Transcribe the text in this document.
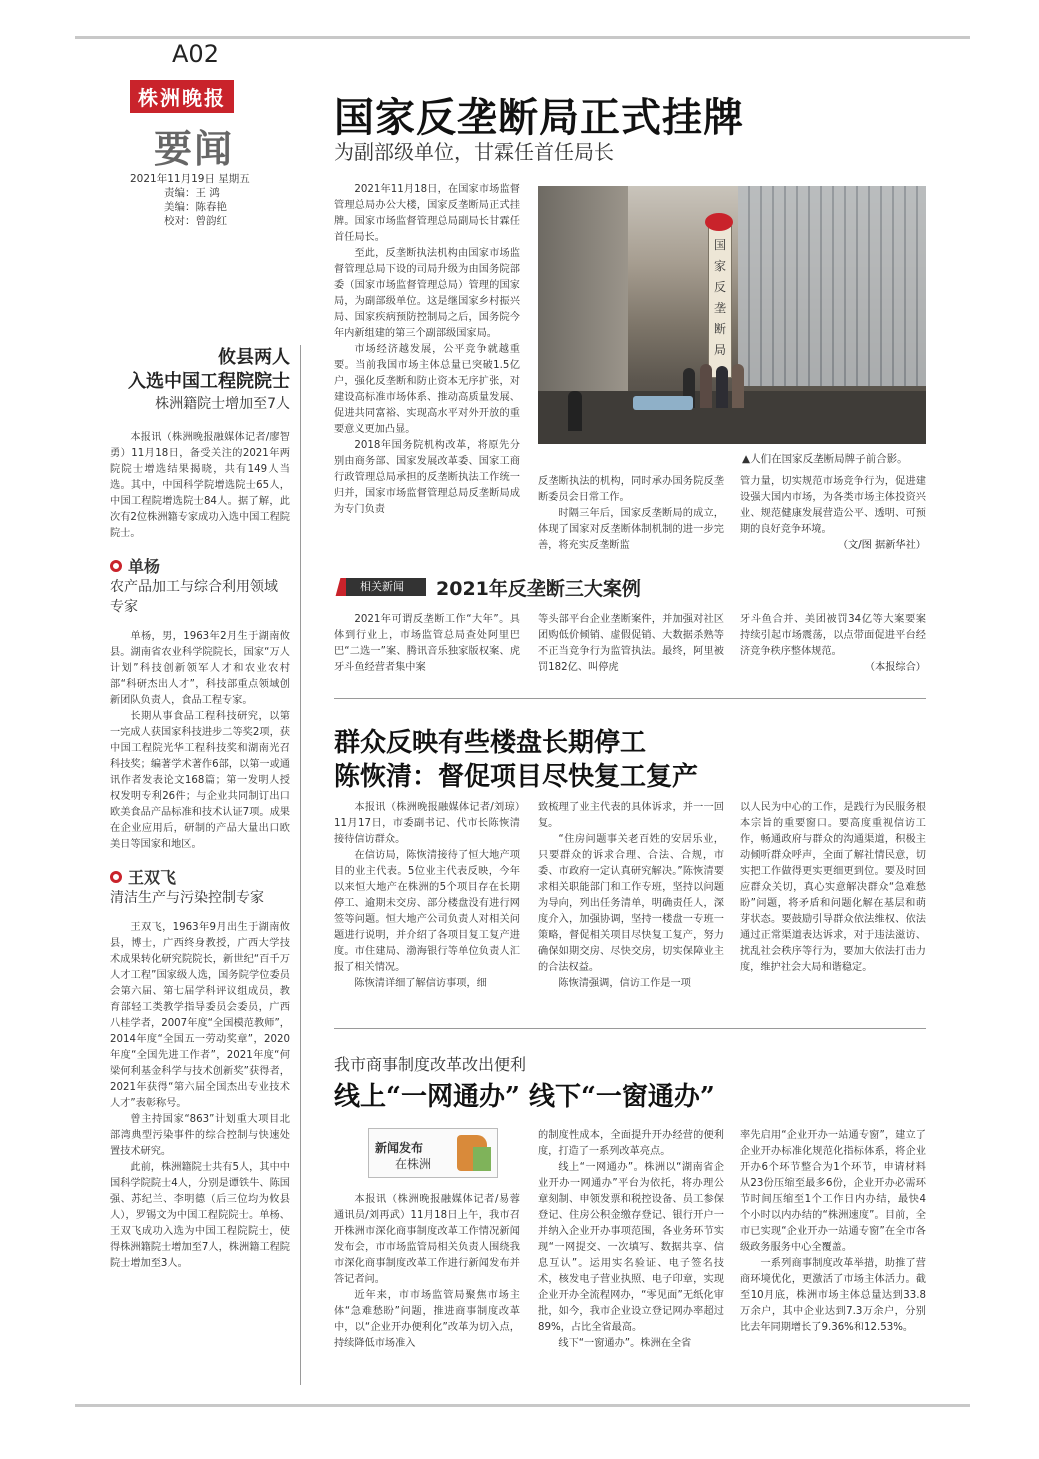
A02
株洲晚报
要闻
2021年11月19日 星期五
责编：王 鸿
美编：陈春艳
校对：曾韵红
国家反垄断局正式挂牌
为副部级单位，甘霖任首任局长

2021年11月18日，在国家市场监督管理总局办公大楼，国家反垄断局正式挂牌。国家市场监督管理总局副局长甘霖任首任局长。

至此，反垄断执法机构由国家市场监督管理总局下设的司局升级为由国务院部委（国家市场监督管理总局）管理的国家局，为副部级单位。这是继国家乡村振兴局、国家疾病预防控制局之后，国务院今年内新组建的第三个副部级国家局。

市场经济越发展，公平竞争就越重要。当前我国市场主体总量已突破1.5亿户，强化反垄断和防止资本无序扩张，对建设高标准市场体系、推动高质量发展、促进共同富裕、实现高水平对外开放的重要意义更加凸显。

2018年国务院机构改革，将原先分别由商务部、国家发展改革委、国家工商行政管理总局承担的反垄断执法工作统一归并，国家市场监督管理总局反垄断局成为专门负责

国家反垄断局
▲人们在国家反垄断局牌子前合影。

反垄断执法的机构，同时承办国务院反垄断委员会日常工作。

时隔三年后，国家反垄断局的成立，体现了国家对反垄断体制机制的进一步完善，将充实反垄断监

管力量，切实规范市场竞争行为，促进建设强大国内市场，为各类市场主体投资兴业、规范健康发展营造公平、透明、可预期的良好竞争环境。

（文/图 据新华社）
相关新闻	2021年反垄断三大案例

2021年可谓反垄断工作“大年”。具体到行业上，市场监管总局查处阿里巴巴“二选一”案、腾讯音乐独家版权案、虎牙斗鱼经营者集中案

等头部平台企业垄断案件，并加强对社区团购低价倾销、虚假促销、大数据杀熟等不正当竞争行为监管执法。最终，阿里被罚182亿、叫停虎

牙斗鱼合并、美团被罚34亿等大案要案持续引起市场震荡，以点带面促进平台经济竞争秩序整体规范。

（本报综合）
群众反映有些楼盘长期停工
陈恢清：督促项目尽快复工复产

本报讯（株洲晚报融媒体记者/刘琼）11月17日，市委副书记、代市长陈恢清接待信访群众。

在信访局，陈恢清接待了恒大地产项目的业主代表。5位业主代表反映，今年以来恒大地产在株洲的5个项目存在长期停工、逾期未交房、部分楼盘没有进行网签等问题。恒大地产公司负责人对相关问题进行说明，并介绍了各项目复工复产进度。市住建局、渤海银行等单位负责人汇报了相关情况。

陈恢清详细了解信访事项，细

致梳理了业主代表的具体诉求，并一一回复。

“住房问题事关老百姓的安居乐业，只要群众的诉求合理、合法、合规，市委、市政府一定认真研究解决。”陈恢清要求相关职能部门和工作专班，坚持以问题为导向，列出任务清单，明确责任人，深度介入，加强协调，坚持一楼盘一专班一策略，督促相关项目尽快复工复产，努力确保如期交房、尽快交房，切实保障业主的合法权益。

陈恢清强调，信访工作是一项

以人民为中心的工作，是践行为民服务根本宗旨的重要窗口。要高度重视信访工作，畅通政府与群众的沟通渠道，积极主动倾听群众呼声，全面了解社情民意，切实把工作做得更实更细更到位。要及时回应群众关切，真心实意解决群众“急难愁盼”问题，将矛盾和问题化解在基层和萌芽状态。要鼓励引导群众依法维权、依法通过正常渠道表达诉求，对于违法滋访、扰乱社会秩序等行为，要加大依法打击力度，维护社会大局和谐稳定。

我市商事制度改革改出便利
线上“一网通办” 线下“一窗通办”
新闻发布
在株洲

本报讯（株洲晚报融媒体记者/易蓉 通讯员/刘再武）11月18日上午，我市召开株洲市深化商事制度改革工作情况新闻发布会，市市场监管局相关负责人围绕我市深化商事制度改革工作进行新闻发布并答记者问。

近年来，市市场监管局聚焦市场主体“急难愁盼”问题，推进商事制度改革中，以“企业开办便利化”改革为切入点，持续降低市场准入

的制度性成本，全面提升开办经营的便利度，打造了一系列改革亮点。

线上“一网通办”。株洲以“湖南省企业开办一网通办”平台为依托，将办理公章刻制、申领发票和税控设备、员工参保登记、住房公积金缴存登记、银行开户一并纳入企业开办事项范围，各业务环节实现“一网提交、一次填写、数据共享、信息互认”。运用实名验证、电子签名技术，核发电子营业执照、电子印章，实现企业开办全流程网办，“零见面”无纸化审批，如今，我市企业设立登记网办率超过89%，占比全省最高。

线下“一窗通办”。株洲在全省

率先启用“企业开办一站通专窗”，建立了企业开办标准化规范化指标体系，将企业开办6个环节整合为1个环节，申请材料从23份压缩至最多6份，企业开办必需环节时间压缩至1个工作日内办结，最快4个小时以内办结的“株洲速度”。目前，全市已实现“企业开办一站通专窗”在全市各级政务服务中心全覆盖。

一系列商事制度改革举措，助推了营商环境优化，更激活了市场主体活力。截至10月底，株洲市场主体总量达到33.8万余户，其中企业达到7.3万余户，分别比去年同期增长了9.36%和12.53%。

攸县两人
入选中国工程院院士
株洲籍院士增加至7人

本报讯（株洲晚报融媒体记者/廖智勇）11月18日，备受关注的2021年两院院士增选结果揭晓，共有149人当选。其中，中国科学院增选院士65人，中国工程院增选院士84人。据了解，此次有2位株洲籍专家成功入选中国工程院院士。

单杨
农产品加工与综合利用领域专家

单杨，男，1963年2月生于湖南攸县。湖南省农业科学院院长，国家“万人计划”科技创新领军人才和农业农村部“科研杰出人才”，科技部重点领域创新团队负责人，食品工程专家。

长期从事食品工程科技研究，以第一完成人获国家科技进步二等奖2项，获中国工程院光华工程科技奖和湖南光召科技奖；编著学术著作6部，以第一或通讯作者发表论文168篇；第一发明人授权发明专利26件；与企业共同制订出口欧美食品产品标准和技术认证7项。成果在企业应用后，研制的产品大量出口欧美日等国家和地区。

王双飞
清洁生产与污染控制专家

王双飞，1963年9月出生于湖南攸县，博士，广西终身教授，广西大学技术成果转化研究院院长，新世纪“百千万人才工程”国家级人选，国务院学位委员会第六届、第七届学科评议组成员，教育部轻工类教学指导委员会委员，广西八桂学者，2007年度“全国模范教师”，2014年度“全国五一劳动奖章”，2020年度“全国先进工作者”，2021年度“何梁何利基金科学与技术创新奖”获得者，2021年获得“第六届全国杰出专业技术人才”表彰称号。

曾主持国家“863”计划重大项目北部湾典型污染事件的综合控制与快速处置技术研究。

此前，株洲籍院士共有5人，其中中国科学院院士4人，分别是谭铁牛、陈国强、苏纪兰、李明德（后三位均为攸县人），罗锡文为中国工程院院士。单杨、王双飞成功入选为中国工程院院士，使得株洲籍院士增加至7人，株洲籍工程院院士增加至3人。
